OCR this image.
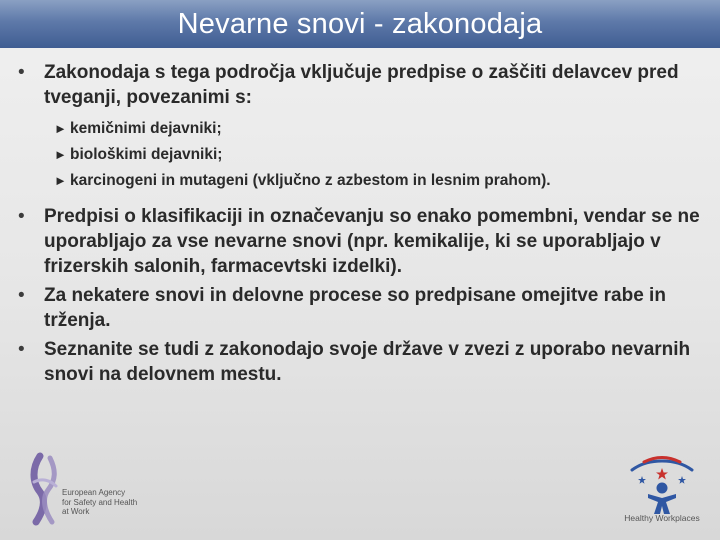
Nevarne snovi - zakonodaja
• Zakonodaja s tega področja vključuje predpise o zaščiti delavcev pred tveganji, povezanimi s:
► kemičnimi dejavniki;
► biološkimi dejavniki;
► karcinogeni in mutageni (vključno z azbestom in lesnim prahom).
• Predpisi o klasifikaciji in označevanju so enako pomembni, vendar se ne uporabljajo za vse nevarne snovi (npr. kemikalije, ki se uporabljajo v frizerskih salonih, farmacevtski izdelki).
• Za nekatere snovi in delovne procese so predpisane omejitve rabe in trženja.
• Seznanite se tudi z zakonodajo svoje države v zvezi z uporabo nevarnih snovi na delovnem mestu.
European Agency
for Safety and Health
at Work
Healthy Workplaces
